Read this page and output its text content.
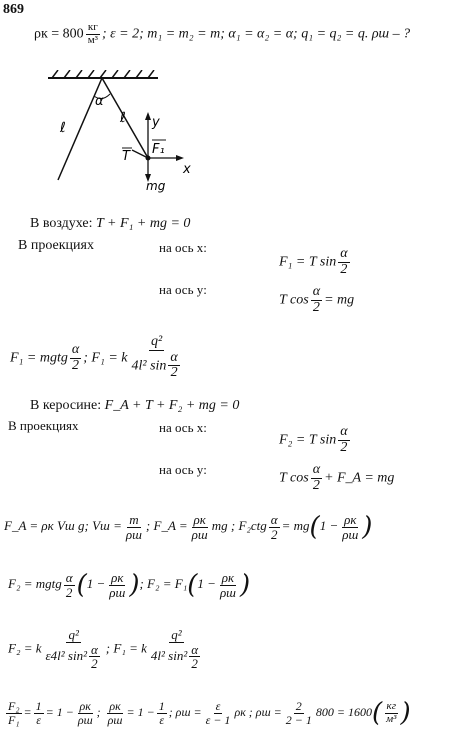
869
$\rho к = 800 \frac{кг}{\text{м³}}$ ; ε = 2; m₁ = m₂ = m; α₁ = α₂ = α; q₁ = q₂ = q. ρш – ?
α
ℓ
ℓ y
x
F₁
T
mg
В воздухе: T + F₁ + mg = 0
В проекциях	на ось x:
F₁ = T $\sin \frac{\alpha}{2}$
на ось y:
T $\cos \frac{\alpha}{2}$ = mg
F₁ = mgtg $\frac{\alpha}{2}$ ; F₁ = k $\frac{\text{q²}}{4l^2 \sin \frac{\alpha}{2}}$
В керосине: F_A + T + F₂ + mg = 0
В проекциях	на ось x:
F₂ = T $\sin \frac{\alpha}{2}$
на ось y:
T $\cos \frac{\alpha}{2}$ + F_A = mg
F_A = ρк Vш g; Vш = $\frac{m}{\rho ш}$ ; F_A = $\frac{\rho к}{\rho ш}$ mg ; $F_2ctg \frac{\alpha}{2} = mg(1 - \frac{\rho к}{\rho ш}$ )
F₂ = mgtg $\frac{\alpha}{2} (1 - \frac{\rho к}{\rho ш}$ ); $F_2 = F_1(1 - \frac{\rho к}{\rho ш}$ )
F₂ = k $\frac{\text{q²}}{\varepsilon 4l^2 \sin^2 \frac{\alpha}{2}}$ ; F₁ = k $\frac{\text{q²}}{4l^2 \sin^2 \frac{\alpha}{2}}$
$\frac{\text{F₂}}{\text{F₁}} = \frac{1}{\varepsilon} = 1 - \frac{\rho к}{\rho ш}$ ; $\frac{\rho к}{\rho ш} = 1 - \frac{1}{\varepsilon}$ ; $\rho ш = \frac{\varepsilon}{\varepsilon - 1}$ ρк ; $\rho ш = \frac{2}{2 - 1} 800 = 1600( \frac{кг}{\text{м³}}$ )
